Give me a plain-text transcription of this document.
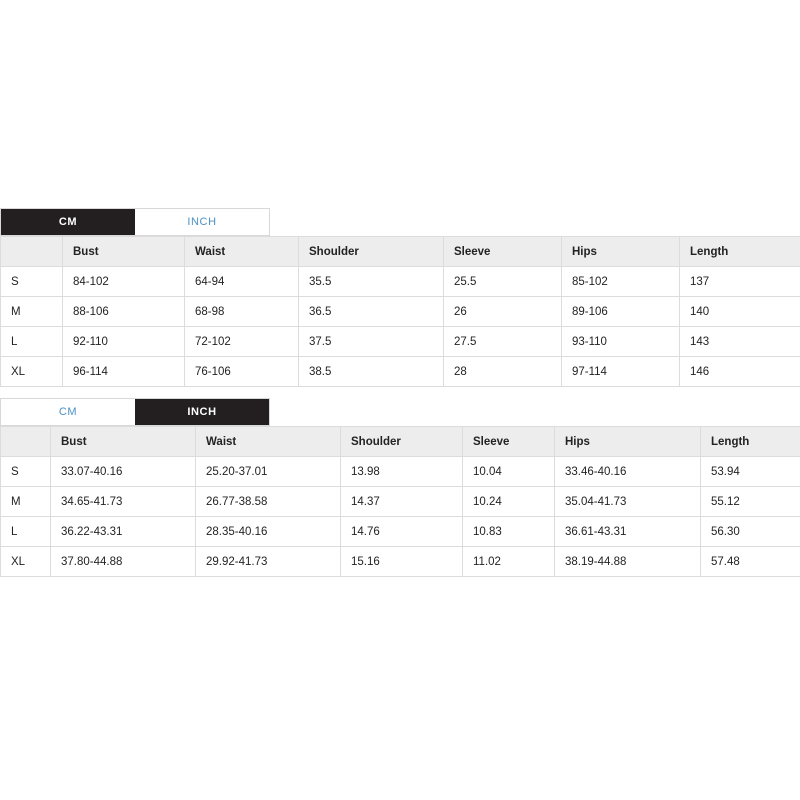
CM	INCH
	Bust	Waist	Shoulder	Sleeve	Hips	Length
S	84-102	64-94	35.5	25.5	85-102	137
M	88-106	68-98	36.5	26	89-106	140
L	92-110	72-102	37.5	27.5	93-110	143
XL	96-114	76-106	38.5	28	97-114	146
CM	INCH
	Bust	Waist	Shoulder	Sleeve	Hips	Length
S	33.07-40.16	25.20-37.01	13.98	10.04	33.46-40.16	53.94
M	34.65-41.73	26.77-38.58	14.37	10.24	35.04-41.73	55.12
L	36.22-43.31	28.35-40.16	14.76	10.83	36.61-43.31	56.30
XL	37.80-44.88	29.92-41.73	15.16	11.02	38.19-44.88	57.48
